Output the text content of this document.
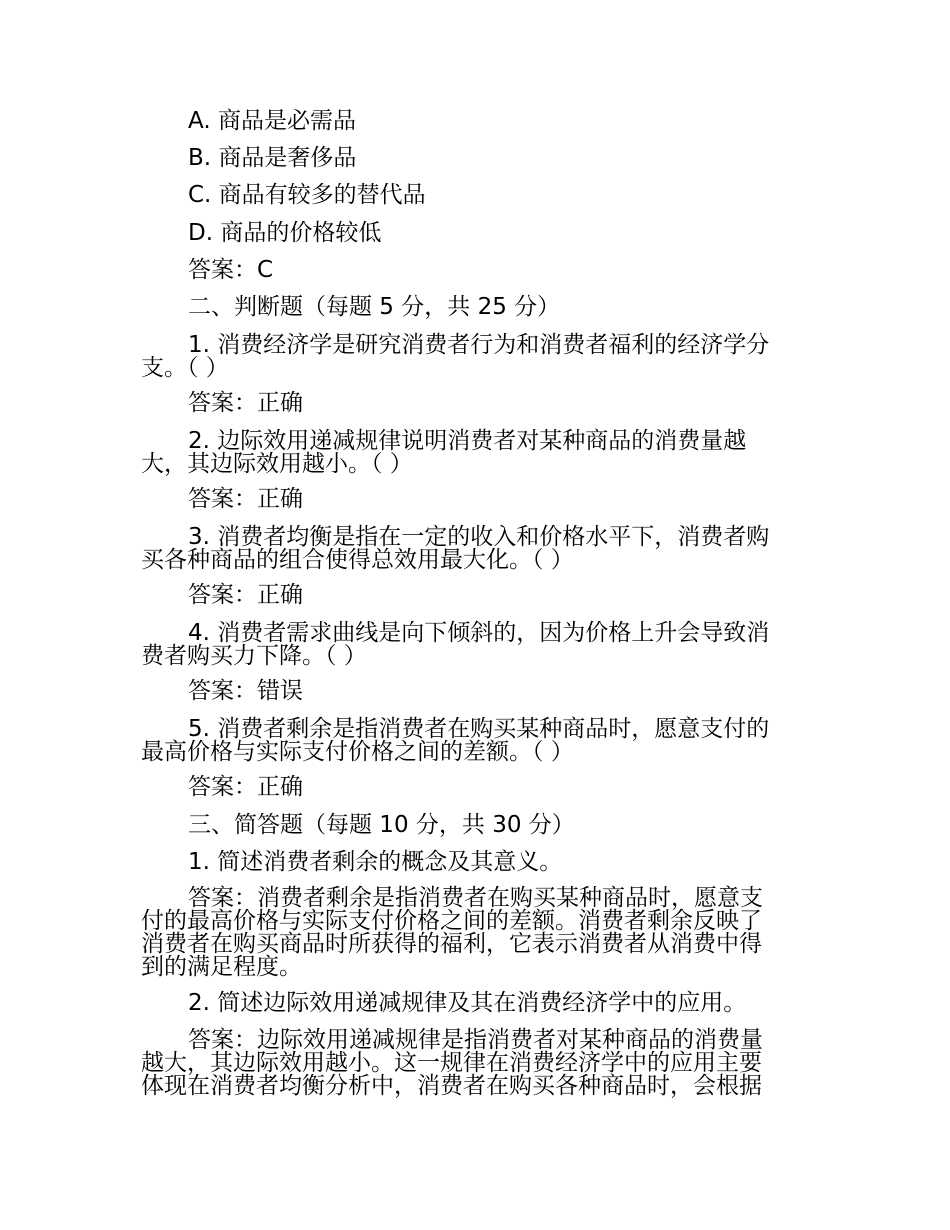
A. 商品是必需品
B. 商品是奢侈品
C. 商品有较多的替代品
D. 商品的价格较低
答案：C
二、判断题（每题 5 分，共 25 分）
1. 消费经济学是研究消费者行为和消费者福利的经济学分
支。（ ）
答案：正确
2. 边际效用递减规律说明消费者对某种商品的消费量越
大，其边际效用越小。（ ）
答案：正确
3. 消费者均衡是指在一定的收入和价格水平下，消费者购
买各种商品的组合使得总效用最大化。（ ）
答案：正确
4. 消费者需求曲线是向下倾斜的，因为价格上升会导致消
费者购买力下降。（ ）
答案：错误
5. 消费者剩余是指消费者在购买某种商品时，愿意支付的
最高价格与实际支付价格之间的差额。（ ）
答案：正确
三、简答题（每题 10 分，共 30 分）
1. 简述消费者剩余的概念及其意义。
答案：消费者剩余是指消费者在购买某种商品时，愿意支
付的最高价格与实际支付价格之间的差额。消费者剩余反映了
消费者在购买商品时所获得的福利，它表示消费者从消费中得
到的满足程度。
2. 简述边际效用递减规律及其在消费经济学中的应用。
答案：边际效用递减规律是指消费者对某种商品的消费量
越大，其边际效用越小。这一规律在消费经济学中的应用主要
体现在消费者均衡分析中，消费者在购买各种商品时，会根据
